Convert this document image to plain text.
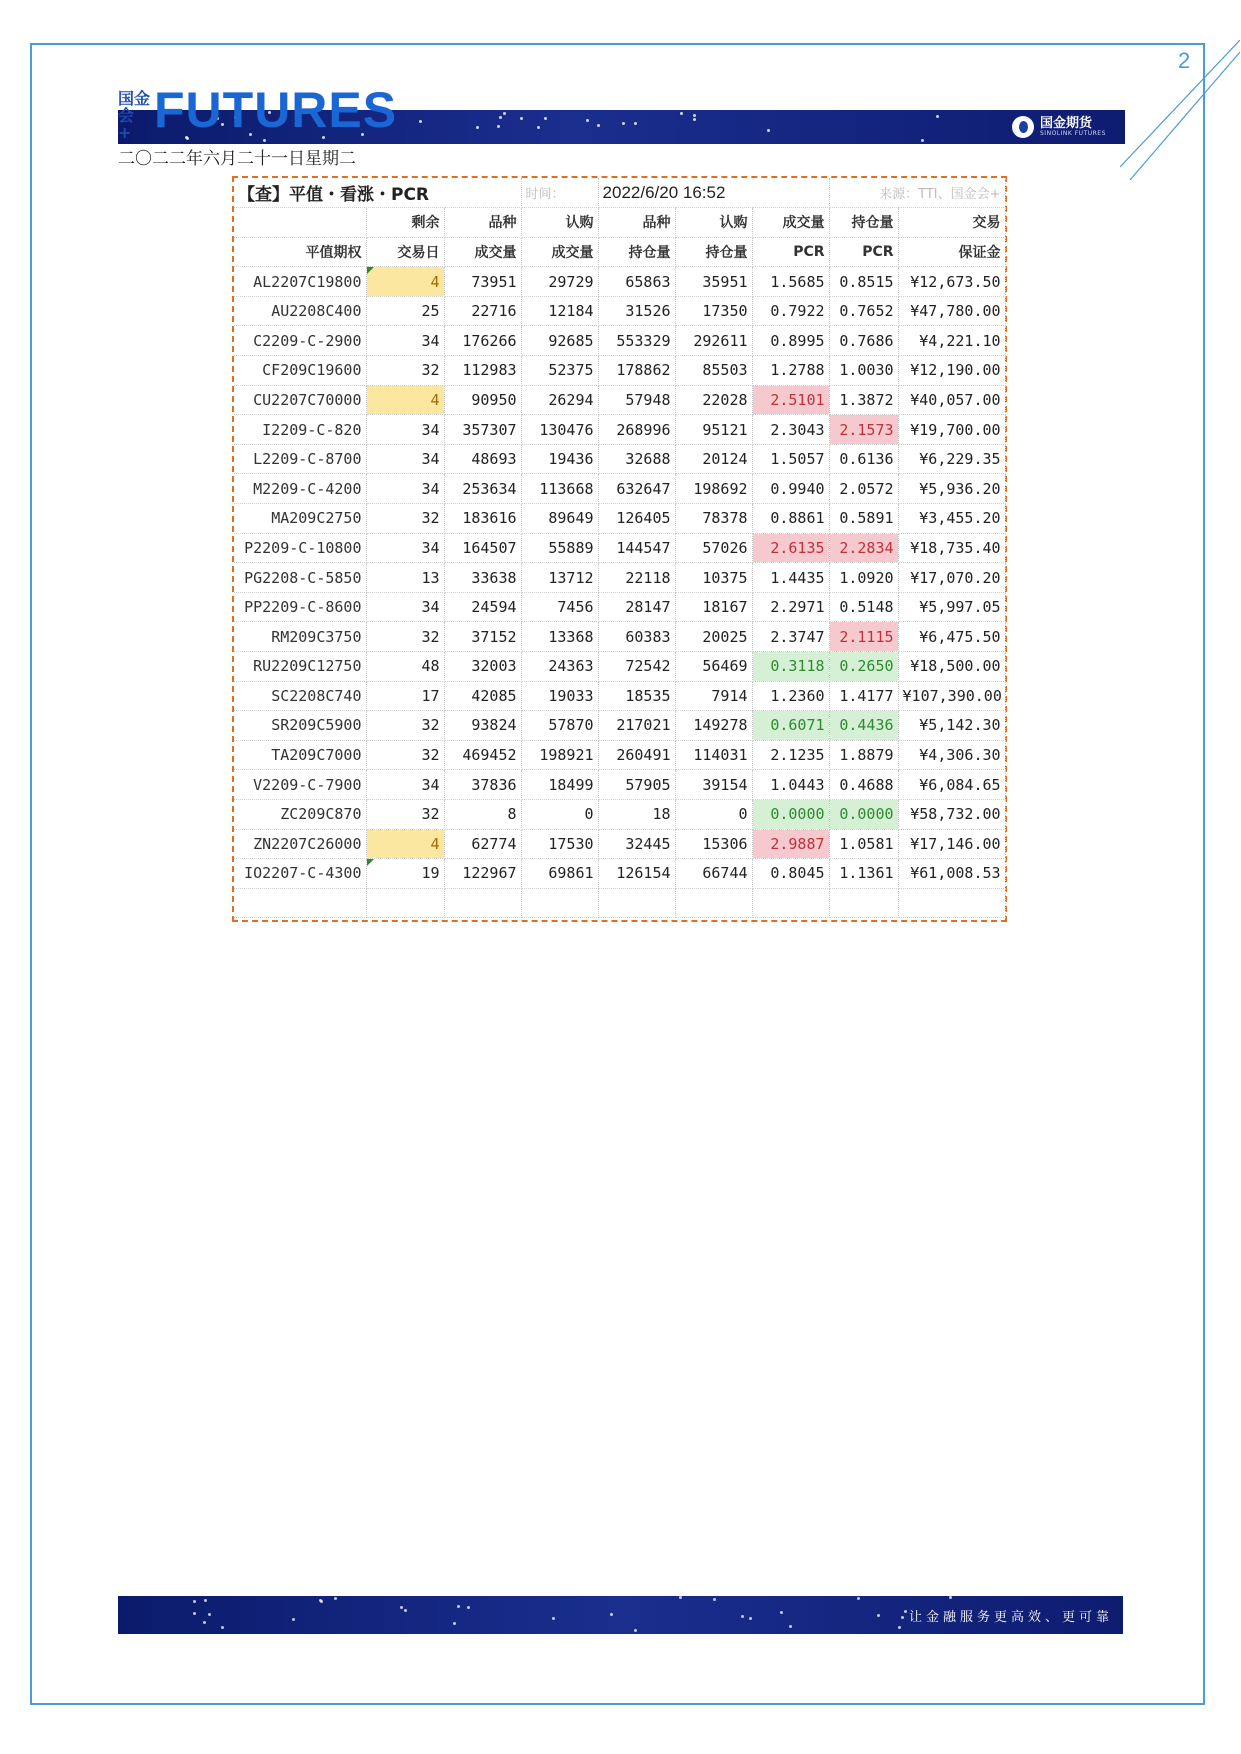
2
国金会 + FUTURES	国金期货
SINOLINK FUTURES
二〇二二年六月二十一日星期二
【查】平值・看涨・PCR			时间：	2022/6/20 16:52			来源：TTI、国金会+	
	剩余	品种	认购	品种	认购	成交量	持仓量	交易
平值期权	交易日	成交量	成交量	持仓量	持仓量	PCR	PCR	保证金
AL2207C19800	4	73951	29729	65863	35951	1.5685	0.8515	¥12,673.50
AU2208C400	25	22716	12184	31526	17350	0.7922	0.7652	¥47,780.00
C2209-C-2900	34	176266	92685	553329	292611	0.8995	0.7686	¥4,221.10
CF209C19600	32	112983	52375	178862	85503	1.2788	1.0030	¥12,190.00
CU2207C70000	4	90950	26294	57948	22028	2.5101	1.3872	¥40,057.00
I2209-C-820	34	357307	130476	268996	95121	2.3043	2.1573	¥19,700.00
L2209-C-8700	34	48693	19436	32688	20124	1.5057	0.6136	¥6,229.35
M2209-C-4200	34	253634	113668	632647	198692	0.9940	2.0572	¥5,936.20
MA209C2750	32	183616	89649	126405	78378	0.8861	0.5891	¥3,455.20
P2209-C-10800	34	164507	55889	144547	57026	2.6135	2.2834	¥18,735.40
PG2208-C-5850	13	33638	13712	22118	10375	1.4435	1.0920	¥17,070.20
PP2209-C-8600	34	24594	7456	28147	18167	2.2971	0.5148	¥5,997.05
RM209C3750	32	37152	13368	60383	20025	2.3747	2.1115	¥6,475.50
RU2209C12750	48	32003	24363	72542	56469	0.3118	0.2650	¥18,500.00
SC2208C740	17	42085	19033	18535	7914	1.2360	1.4177	¥107,390.00
SR209C5900	32	93824	57870	217021	149278	0.6071	0.4436	¥5,142.30
TA209C7000	32	469452	198921	260491	114031	2.1235	1.8879	¥4,306.30
V2209-C-7900	34	37836	18499	57905	39154	1.0443	0.4688	¥6,084.65
ZC209C870	32	8	0	18	0	0.0000	0.0000	¥58,732.00
ZN2207C26000	4	62774	17530	32445	15306	2.9887	1.0581	¥17,146.00
IO2207-C-4300	19	122967	69861	126154	66744	0.8045	1.1361	¥61,008.53

让金融服务更高效、更可靠
